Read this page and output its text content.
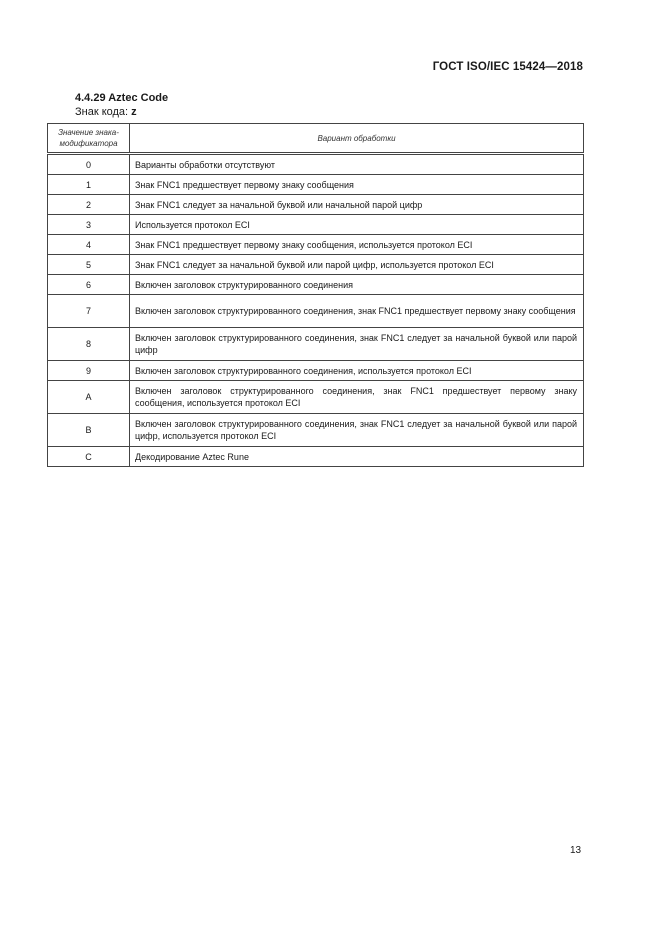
ГОСТ ISO/IEC 15424—2018
4.4.29 Aztec Code
Знак кода: z
Значение знака-модификатора	Вариант обработки
0	Варианты обработки отсутствуют
1	Знак FNC1 предшествует первому знаку сообщения
2	Знак FNC1 следует за начальной буквой или начальной парой цифр
3	Используется протокол ECI
4	Знак FNC1 предшествует первому знаку сообщения, используется протокол ECI
5	Знак FNC1 следует за начальной буквой или парой цифр, используется протокол ECI
6	Включен заголовок структурированного соединения
7	Включен заголовок структурированного соединения, знак FNC1 предшествует первому знаку сообщения
8	Включен заголовок структурированного соединения, знак FNC1 следует за начальной буквой или парой цифр
9	Включен заголовок структурированного соединения, используется протокол ECI
A	Включен заголовок структурированного соединения, знак FNC1 предшествует первому знаку сообщения, используется протокол ECI
B	Включен заголовок структурированного соединения, знак FNC1 следует за начальной буквой или парой цифр, используется протокол ECI
C	Декодирование Aztec Rune
13
